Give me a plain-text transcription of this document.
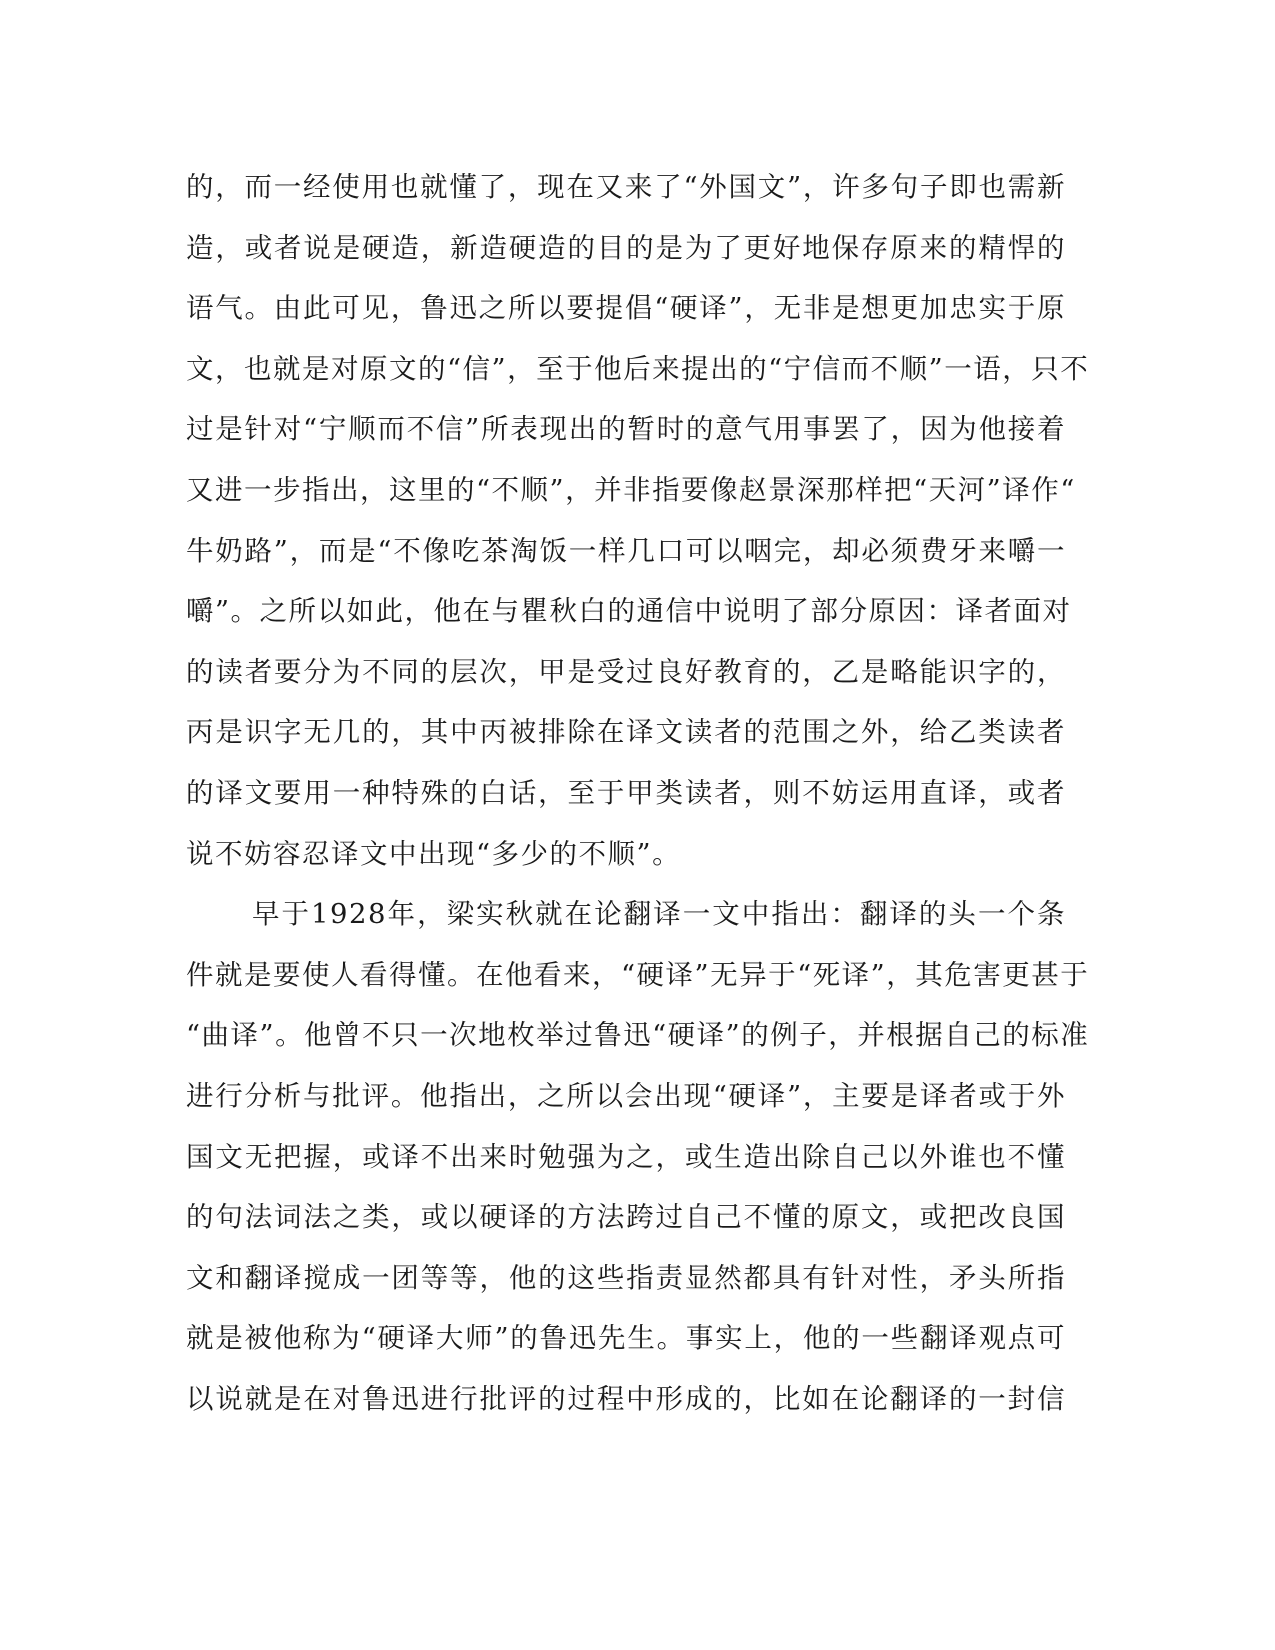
的，而一经使用也就懂了，现在又来了“外国文”，许多句子即也需新
造，或者说是硬造，新造硬造的目的是为了更好地保存原来的精悍的
语气。由此可见，鲁迅之所以要提倡“硬译”，无非是想更加忠实于原
文，也就是对原文的“信”，至于他后来提出的“宁信而不顺”一语，只不
过是针对“宁顺而不信”所表现出的暂时的意气用事罢了，因为他接着
又进一步指出，这里的“不顺”，并非指要像赵景深那样把“天河”译作“
牛奶路”，而是“不像吃茶淘饭一样几口可以咽完，却必须费牙来嚼一
嚼”。之所以如此，他在与瞿秋白的通信中说明了部分原因：译者面对
的读者要分为不同的层次，甲是受过良好教育的，乙是略能识字的，
丙是识字无几的，其中丙被排除在译文读者的范围之外，给乙类读者
的译文要用一种特殊的白话，至于甲类读者，则不妨运用直译，或者
说不妨容忍译文中出现“多少的不顺”。
早于1928年，梁实秋就在论翻译一文中指出：翻译的头一个条
件就是要使人看得懂。在他看来，“硬译”无异于“死译”，其危害更甚于
“曲译”。他曾不只一次地枚举过鲁迅“硬译”的例子，并根据自己的标准
进行分析与批评。他指出，之所以会出现“硬译”，主要是译者或于外
国文无把握，或译不出来时勉强为之，或生造出除自己以外谁也不懂
的句法词法之类，或以硬译的方法跨过自己不懂的原文，或把改良国
文和翻译搅成一团等等，他的这些指责显然都具有针对性，矛头所指
就是被他称为“硬译大师”的鲁迅先生。事实上，他的一些翻译观点可
以说就是在对鲁迅进行批评的过程中形成的，比如在论翻译的一封信
